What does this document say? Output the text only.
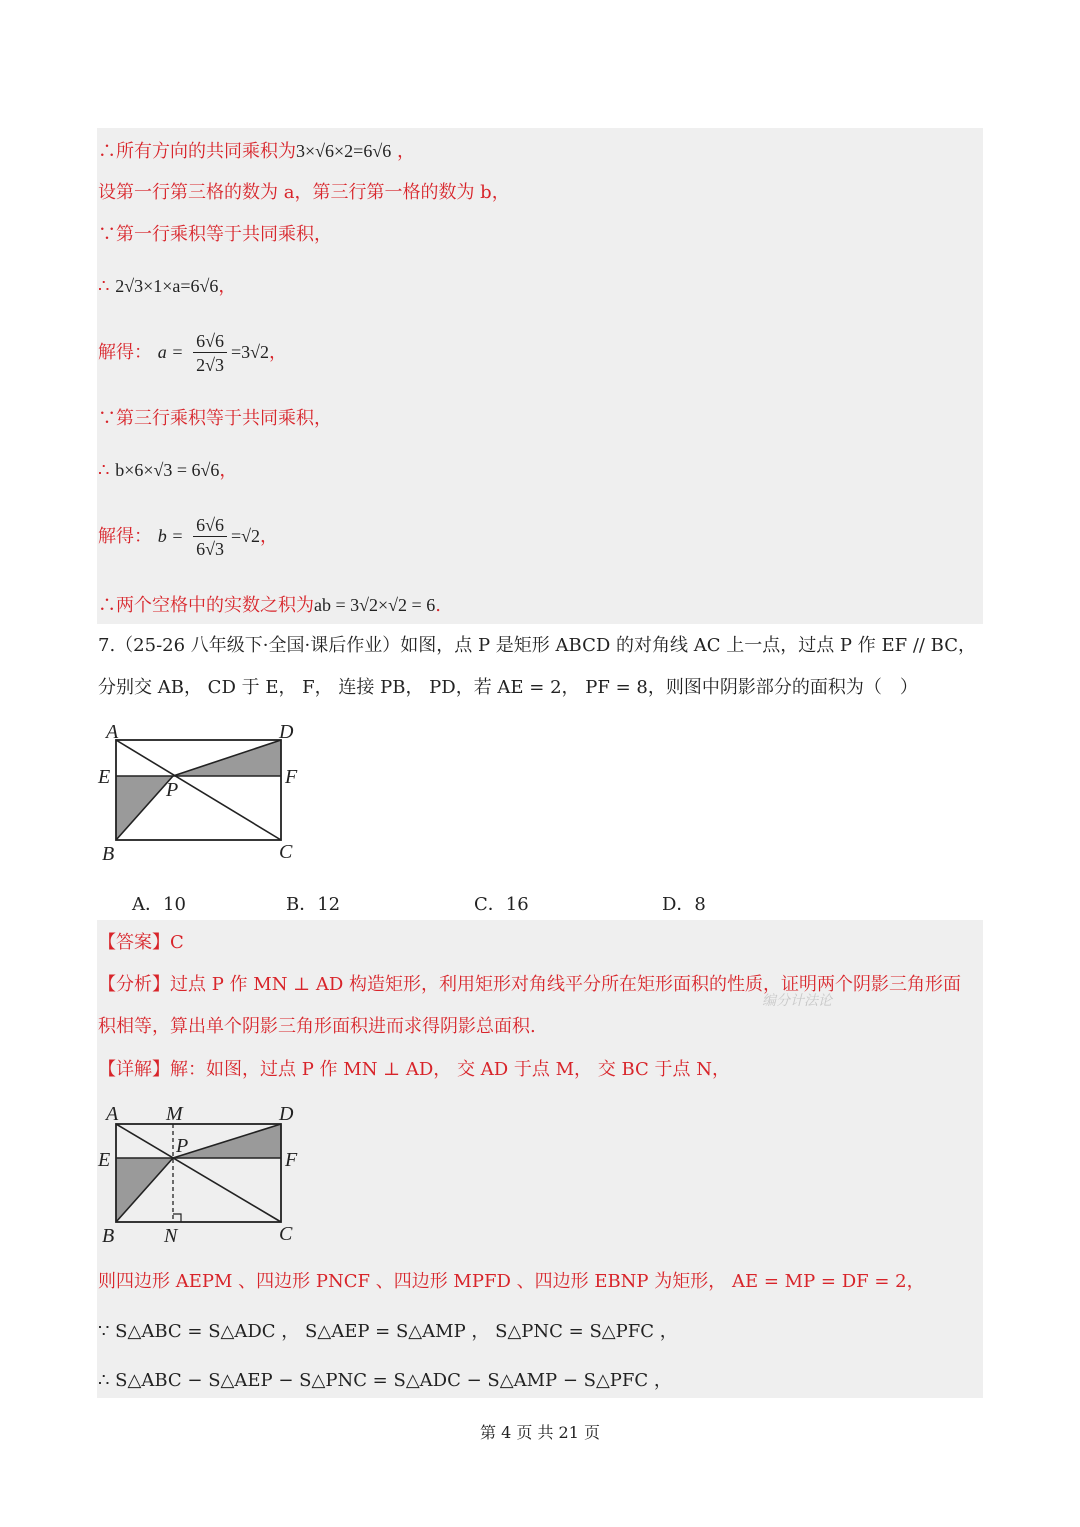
∴所有方向的共同乘积为3×√6×2=6√6 ，
设第一行第三格的数为 a，第三行第一格的数为 b，
∵第一行乘积等于共同乘积，
∴ 2√3×1×a=6√6，
解得： $a = \frac{6√6}{2√3} =3√2$，
∵第三行乘积等于共同乘积，
∴ b×6×√3 = 6√6，
解得： $b = \frac{6√6}{6√3} =√2$，
∴两个空格中的实数之积为ab = 3√2×√2 = 6.
7.（25-26 八年级下·全国·课后作业）如图，点 P 是矩形 ABCD 的对角线 AC 上一点，过点 P 作 EF // BC，
分别交 AB， CD 于 E， F， 连接 PB， PD，若 AE = 2， PF = 8，则图中阴影部分的面积为（　）
A	D
E	F
P
B	C
A．10	B．12	C．16	D．8
【答案】C
【分析】过点 P 作 MN ⊥ AD 构造矩形，利用矩形对角线平分所在矩形面积的性质，证明两个阴影三角形面
积相等，算出单个阴影三角形面积进而求得阴影总面积.
编分计法论
【详解】解：如图，过点 P 作 MN ⊥ AD， 交 AD 于点 M， 交 BC 于点 N，
A M	D
E
P
F
B N	C
则四边形 AEPM 、四边形 PNCF 、四边形 MPFD 、四边形 EBNP 为矩形， AE = MP = DF = 2，
∵ S△ABC = S△ADC ， S△AEP = S△AMP ， S△PNC = S△PFC ，
∴ S△ABC − S△AEP − S△PNC = S△ADC − S△AMP − S△PFC ，
第 4 页 共 21 页
